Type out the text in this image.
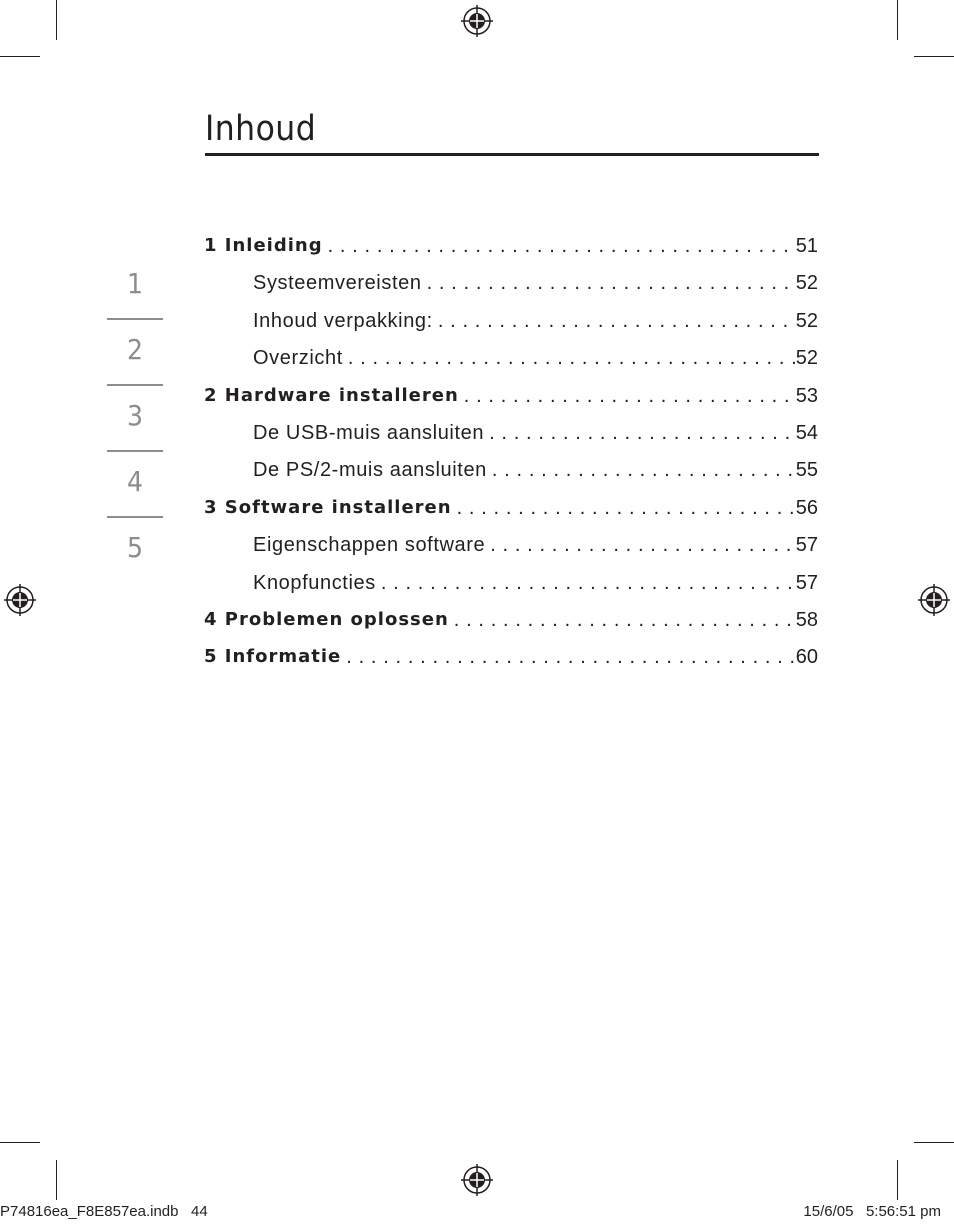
Inhoud
1
2
3
4
5
1 Inleiding . . .	51
Systeemvereisten . . .	52
Inhoud verpakking: . . .	52
Overzicht . . .	52
2 Hardware installeren . . .	53
De USB-muis aansluiten . . .	54
De PS/2-muis aansluiten . . .	55
3 Software installeren . . .	56
Eigenschappen software . . .	57
Knopfuncties . . .	57
4 Problemen oplossen . . .	58
5 Informatie . . .	60
P74816ea_F8E857ea.indb   44	15/6/05   5:56:51 pm
